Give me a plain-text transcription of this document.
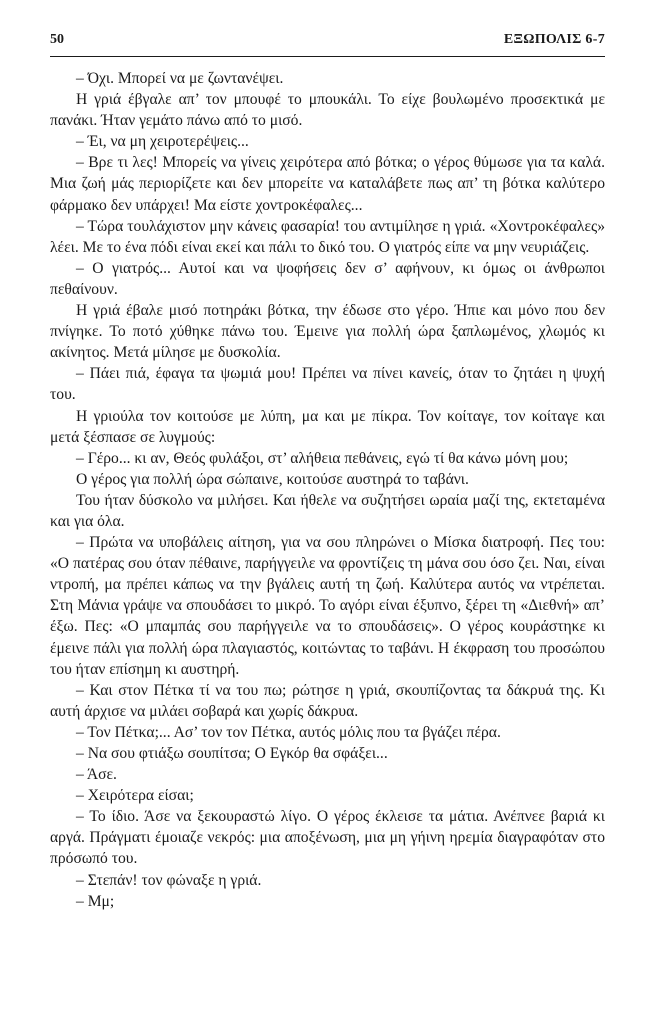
50	ΕΞΩΠΟΛΙΣ 6-7

– Όχι. Μπορεί να με ζωντανέψει.

Η γριά έβγαλε απ’ τον μπουφέ το μπουκάλι. Το είχε βουλωμένο προσεκτικά με πανάκι. Ήταν γεμάτο πάνω από το μισό.

– Έι, να μη χειροτερέψεις...

– Βρε τι λες! Μπορείς να γίνεις χειρότερα από βότκα; ο γέρος θύμωσε για τα καλά. Μια ζωή μάς περιορίζετε και δεν μπορείτε να καταλάβετε πως απ’ τη βότκα καλύτερο φάρμακο δεν υπάρχει! Μα είστε χοντροκέφαλες...

– Τώρα τουλάχιστον μην κάνεις φασαρία! του αντιμίλησε η γριά. «Χοντροκέφαλες» λέει. Με το ένα πόδι είναι εκεί και πάλι το δικό του. Ο γιατρός είπε να μην νευριάζεις.

– Ο γιατρός... Αυτοί και να ψοφήσεις δεν σ’ αφήνουν, κι όμως οι άνθρωποι πεθαίνουν.

Η γριά έβαλε μισό ποτηράκι βότκα, την έδωσε στο γέρο. Ήπιε και μόνο που δεν πνίγηκε. Το ποτό χύθηκε πάνω του. Έμεινε για πολλή ώρα ξαπλωμένος, χλωμός κι ακίνητος. Μετά μίλησε με δυσκολία.

– Πάει πιά, έφαγα τα ψωμιά μου! Πρέπει να πίνει κανείς, όταν το ζητάει η ψυχή του.

Η γριούλα τον κοιτούσε με λύπη, μα και με πίκρα. Τον κοίταγε, τον κοίταγε και μετά ξέσπασε σε λυγμούς:

– Γέρο... κι αν, Θεός φυλάξοι, στ’ αλήθεια πεθάνεις, εγώ τί θα κάνω μόνη μου;

Ο γέρος για πολλή ώρα σώπαινε, κοιτούσε αυστηρά το ταβάνι.

Του ήταν δύσκολο να μιλήσει. Και ήθελε να συζητήσει ωραία μαζί της, εκτεταμένα και για όλα.

– Πρώτα να υποβάλεις αίτηση, για να σου πληρώνει ο Μίσκα διατροφή. Πες του: «Ο πατέρας σου όταν πέθαινε, παρήγγειλε να φροντίζεις τη μάνα σου όσο ζει. Ναι, είναι ντροπή, μα πρέπει κάπως να την βγάλεις αυτή τη ζωή. Καλύτερα αυτός να ντρέπεται. Στη Μάνια γράψε να σπουδάσει το μικρό. Το αγόρι είναι έξυπνο, ξέρει τη «Διεθνή» απ’ έξω. Πες: «Ο μπαμπάς σου παρήγγειλε να το σπουδάσεις». Ο γέρος κουράστηκε κι έμεινε πάλι για πολλή ώρα πλαγιαστός, κοιτώντας το ταβάνι. Η έκφραση του προσώπου του ήταν επίσημη κι αυστηρή.

– Και στον Πέτκα τί να του πω; ρώτησε η γριά, σκουπίζοντας τα δάκρυά της. Κι αυτή άρχισε να μιλάει σοβαρά και χωρίς δάκρυα.

– Τον Πέτκα;... Ασ’ τον τον Πέτκα, αυτός μόλις που τα βγάζει πέρα.

– Να σου φτιάξω σουπίτσα; Ο Εγκόρ θα σφάξει...

– Άσε.

– Χειρότερα είσαι;

– Το ίδιο. Άσε να ξεκουραστώ λίγο. Ο γέρος έκλεισε τα μάτια. Ανέπνεε βαριά κι αργά. Πράγματι έμοιαζε νεκρός: μια αποξένωση, μια μη γήινη ηρεμία διαγραφόταν στο πρόσωπό του.

– Στεπάν! τον φώναξε η γριά.

– Μμ;
